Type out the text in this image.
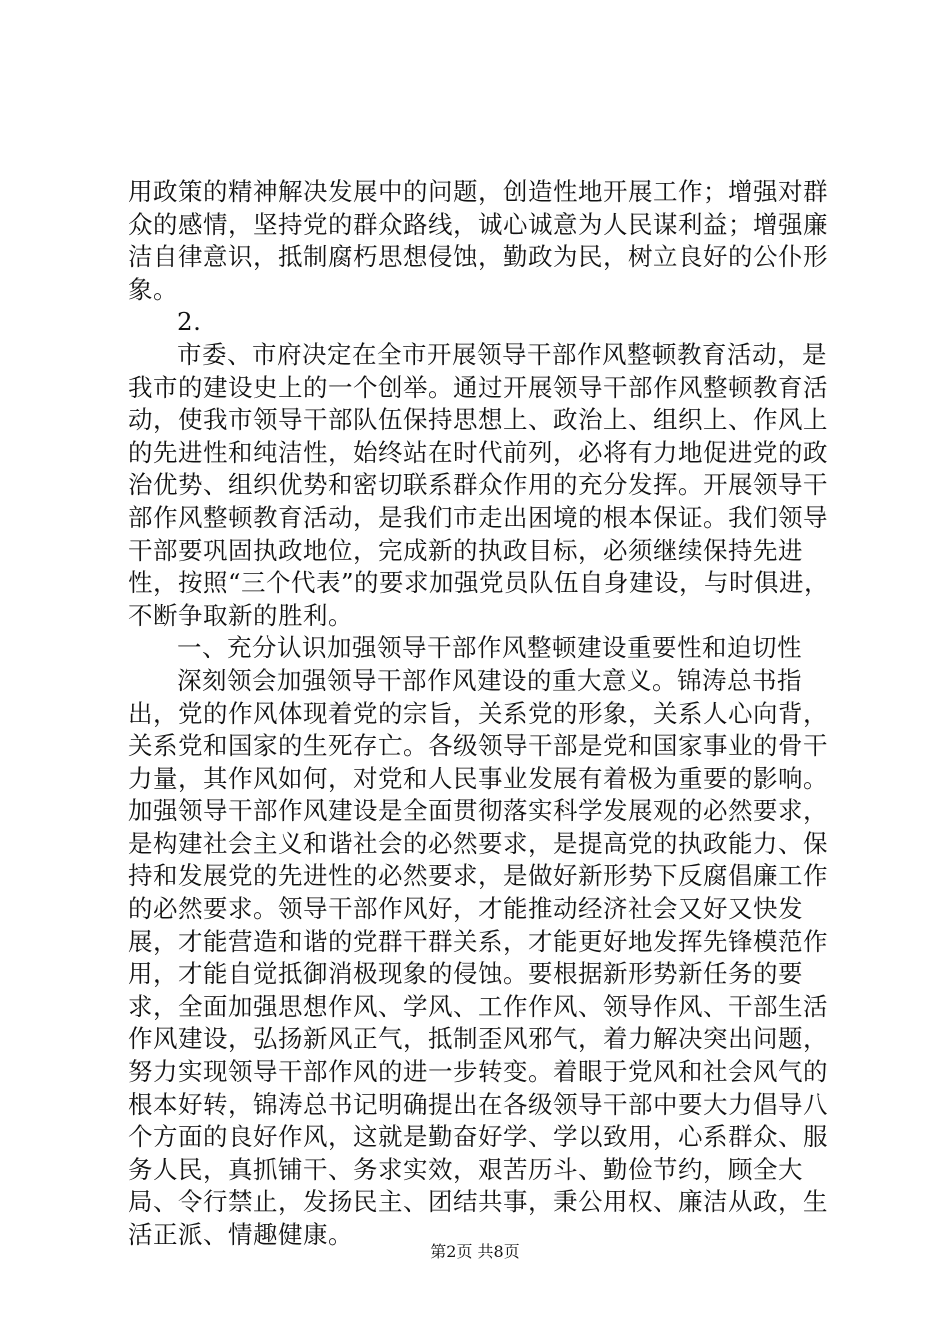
用政策的精神解决发展中的问题，创造性地开展工作；增强对群众的感情，坚持党的群众路线，诚心诚意为人民谋利益；增强廉洁自律意识，抵制腐朽思想侵蚀，勤政为民，树立良好的公仆形象。

2.

市委、市府决定在全市开展领导干部作风整顿教育活动，是我市的建设史上的一个创举。通过开展领导干部作风整顿教育活动，使我市领导干部队伍保持思想上、政治上、组织上、作风上的先进性和纯洁性，始终站在时代前列，必将有力地促进党的政治优势、组织优势和密切联系群众作用的充分发挥。开展领导干部作风整顿教育活动，是我们市走出困境的根本保证。我们领导干部要巩固执政地位，完成新的执政目标，必须继续保持先进性，按照“三个代表”的要求加强党员队伍自身建设，与时俱进，不断争取新的胜利。

一、充分认识加强领导干部作风整顿建设重要性和迫切性

深刻领会加强领导干部作风建设的重大意义。锦涛总书指出，党的作风体现着党的宗旨，关系党的形象，关系人心向背，关系党和国家的生死存亡。各级领导干部是党和国家事业的骨干力量，其作风如何，对党和人民事业发展有着极为重要的影响。加强领导干部作风建设是全面贯彻落实科学发展观的必然要求，是构建社会主义和谐社会的必然要求，是提高党的执政能力、保持和发展党的先进性的必然要求，是做好新形势下反腐倡廉工作的必然要求。领导干部作风好，才能推动经济社会又好又快发展，才能营造和谐的党群干群关系，才能更好地发挥先锋模范作用，才能自觉抵御消极现象的侵蚀。要根据新形势新任务的要求，全面加强思想作风、学风、工作作风、领导作风、干部生活作风建设，弘扬新风正气，抵制歪风邪气，着力解决突出问题，努力实现领导干部作风的进一步转变。着眼于党风和社会风气的根本好转，锦涛总书记明确提出在各级领导干部中要大力倡导八个方面的良好作风，这就是勤奋好学、学以致用，心系群众、服务人民，真抓铺干、务求实效，艰苦历斗、勤俭节约，顾全大局、令行禁止，发扬民主、团结共事，秉公用权、廉洁从政，生活正派、情趣健康。

第2页 共8页
